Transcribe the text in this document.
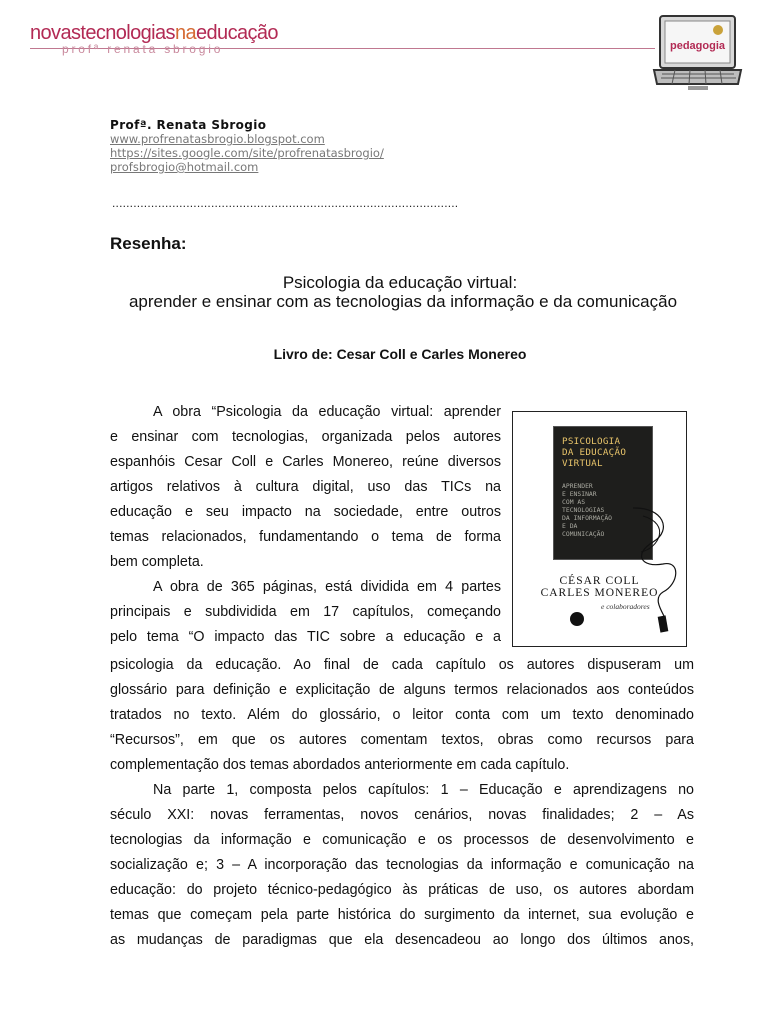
novastecnologiasnaeducação
profª renata sbrogio	pedagogia
Profª. Renata Sbrogio
www.profrenatasbrogio.blogspot.com
https://sites.google.com/site/profrenatasbrogio/
profsbrogio@hotmail.com
..................................................................................................
Resenha:
Psicologia da educação virtual:
aprender e ensinar com as tecnologias da informação e da comunicação
Livro de: Cesar Coll e Carles Monereo
A obra “Psicologia da educação virtual: aprender
e ensinar com tecnologias, organizada pelos autores
espanhóis Cesar Coll e Carles Monereo, reúne diversos
artigos relativos à cultura digital, uso das TICs na
educação e seu impacto na sociedade, entre outros
temas relacionados, fundamentando o tema de forma
bem completa.
A obra de 365 páginas, está dividida em 4 partes
principais e subdividida em 17 capítulos, começando
pelo tema “O impacto das TIC sobre a educação e a
psicologia da educação. Ao final de cada capítulo os autores dispuseram um
glossário para definição e explicitação de alguns termos relacionados aos conteúdos
tratados no texto. Além do glossário, o leitor conta com um texto denominado
“Recursos”, em que os autores comentam textos, obras como recursos para
complementação dos temas abordados anteriormente em cada capítulo.
Na parte 1, composta pelos capítulos: 1 – Educação e aprendizagens no
século XXI: novas ferramentas, novos cenários, novas finalidades; 2 – As
tecnologias da informação e comunicação e os processos de desenvolvimento e
socialização e; 3 – A incorporação das tecnologias da informação e comunicação na
educação: do projeto técnico-pedagógico às práticas de uso, os autores abordam
temas que começam pela parte histórica do surgimento da internet, sua evolução e
as mudanças de paradigmas que ela desencadeou ao longo dos últimos anos,
PSICOLOGIA
DA EDUCAÇÃO
VIRTUAL
APRENDER
E ENSINAR
COM AS
TECNOLOGIAS
DA INFORMAÇÃO
E DA
COMUNICAÇÃO
CÉSAR COLL
CARLES MONEREO
e colaboradores
